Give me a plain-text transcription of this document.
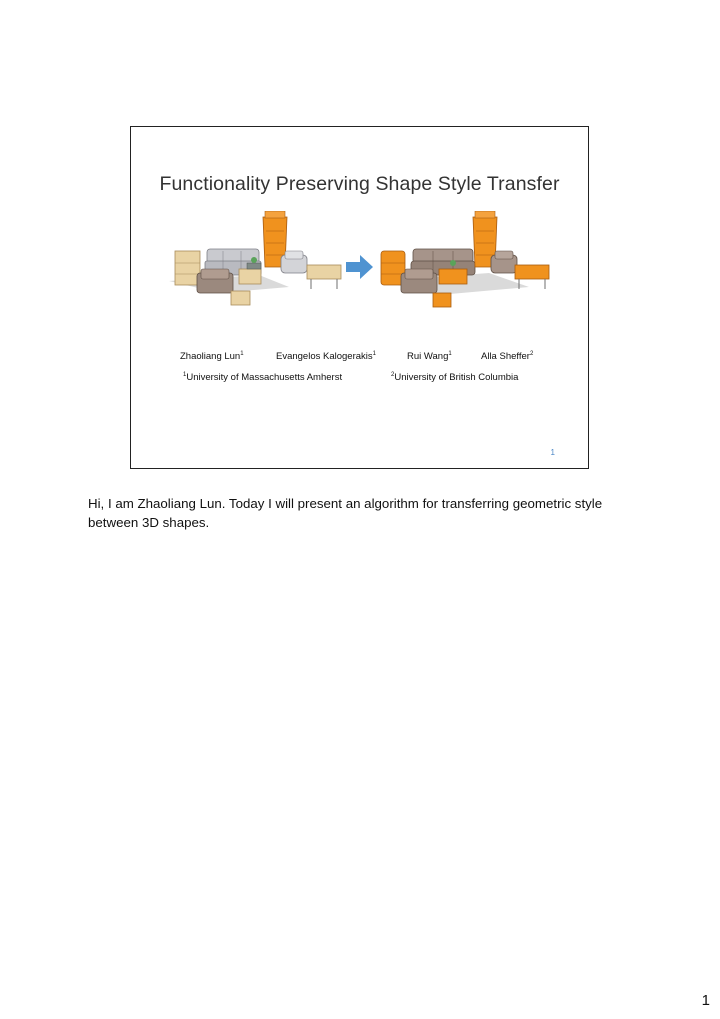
Functionality Preserving Shape Style Transfer
Zhaoliang Lun$^1$	Evangelos Kalogerakis$^1$	Rui Wang$^1$	Alla Sheffer$^2$
$^1$University of Massachusetts Amherst	$^2$University of British Columbia
1
Hi, I am Zhaoliang Lun. Today I will present an algorithm for transferring geometric style between 3D shapes.
1
